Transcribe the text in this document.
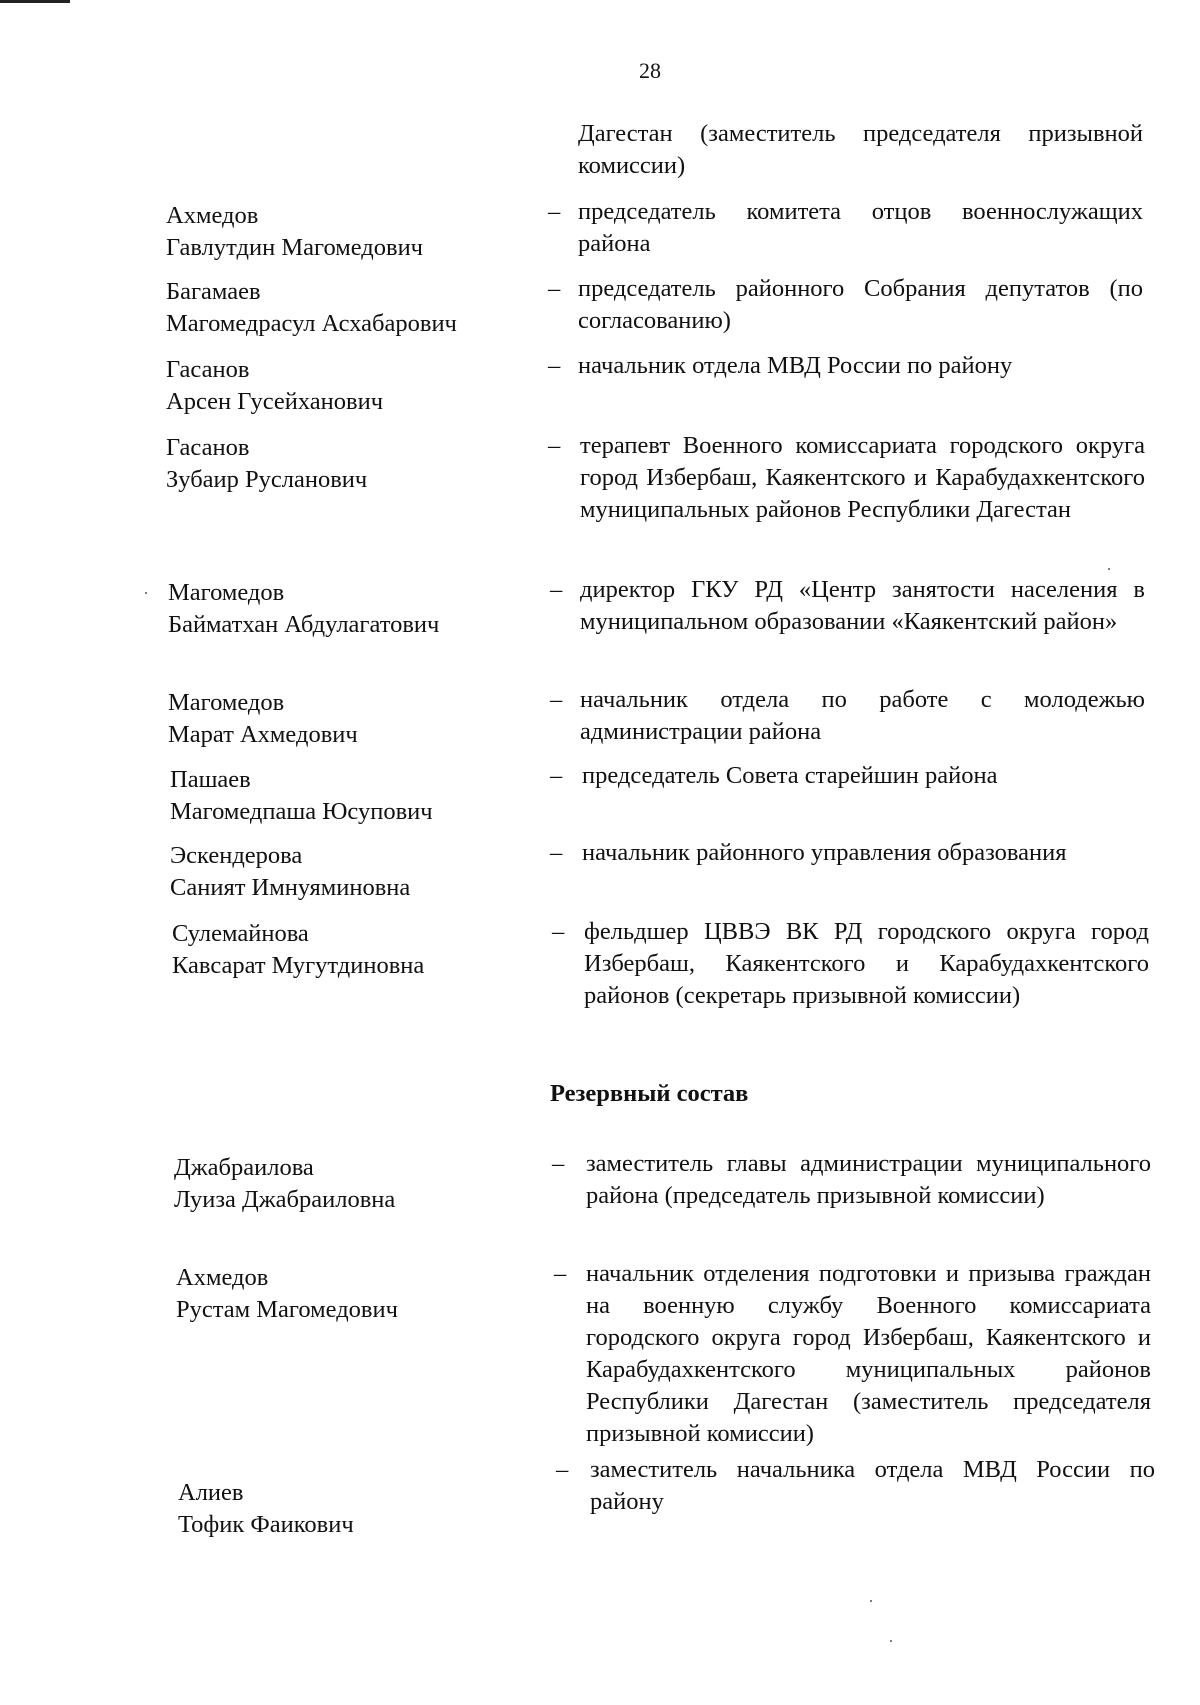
28
Дагестан (заместитель председателя призывной комиссии)
Ахмедов
Гавлутдин Магомедович
– председатель комитета отцов военнослужащих района
Багамаев
Магомедрасул Асхабарович
– председатель районного Собрания депутатов (по согласованию)
Гасанов
Арсен Гусейханович
– начальник отдела МВД России по району
Гасанов
Зубаир Русланович
– терапевт Военного комиссариата городского округа город Избербаш, Каякентского и Карабудахкентского муниципальных районов Республики Дагестан
Магомедов
Байматхан Абдулагатович
– директор ГКУ РД «Центр занятости населения в муниципальном образовании «Каякентский район»
Магомедов
Марат Ахмедович
– начальник отдела по работе с молодежью администрации района
Пашаев
Магомедпаша Юсупович
– председатель Совета старейшин района
Эскендерова
Саният Имнуяминовна
– начальник районного управления образования
Сулемайнова
Кавсарат Мугутдиновна
– фельдшер ЦВВЭ ВК РД городского округа город Избербаш, Каякентского и Карабудахкентского районов (секретарь призывной комиссии)
Резервный состав
Джабраилова
Луиза Джабраиловна
– заместитель главы администрации муниципального района (председатель призывной комиссии)
Ахмедов
Рустам Магомедович
– начальник отделения подготовки и призыва граждан на военную службу Военного комиссариата городского округа город Избербаш, Каякентского и Карабудахкентского муниципальных районов Республики Дагестан (заместитель председателя призывной комиссии)
Алиев
Тофик Фаикович
– заместитель начальника отдела МВД России по району
